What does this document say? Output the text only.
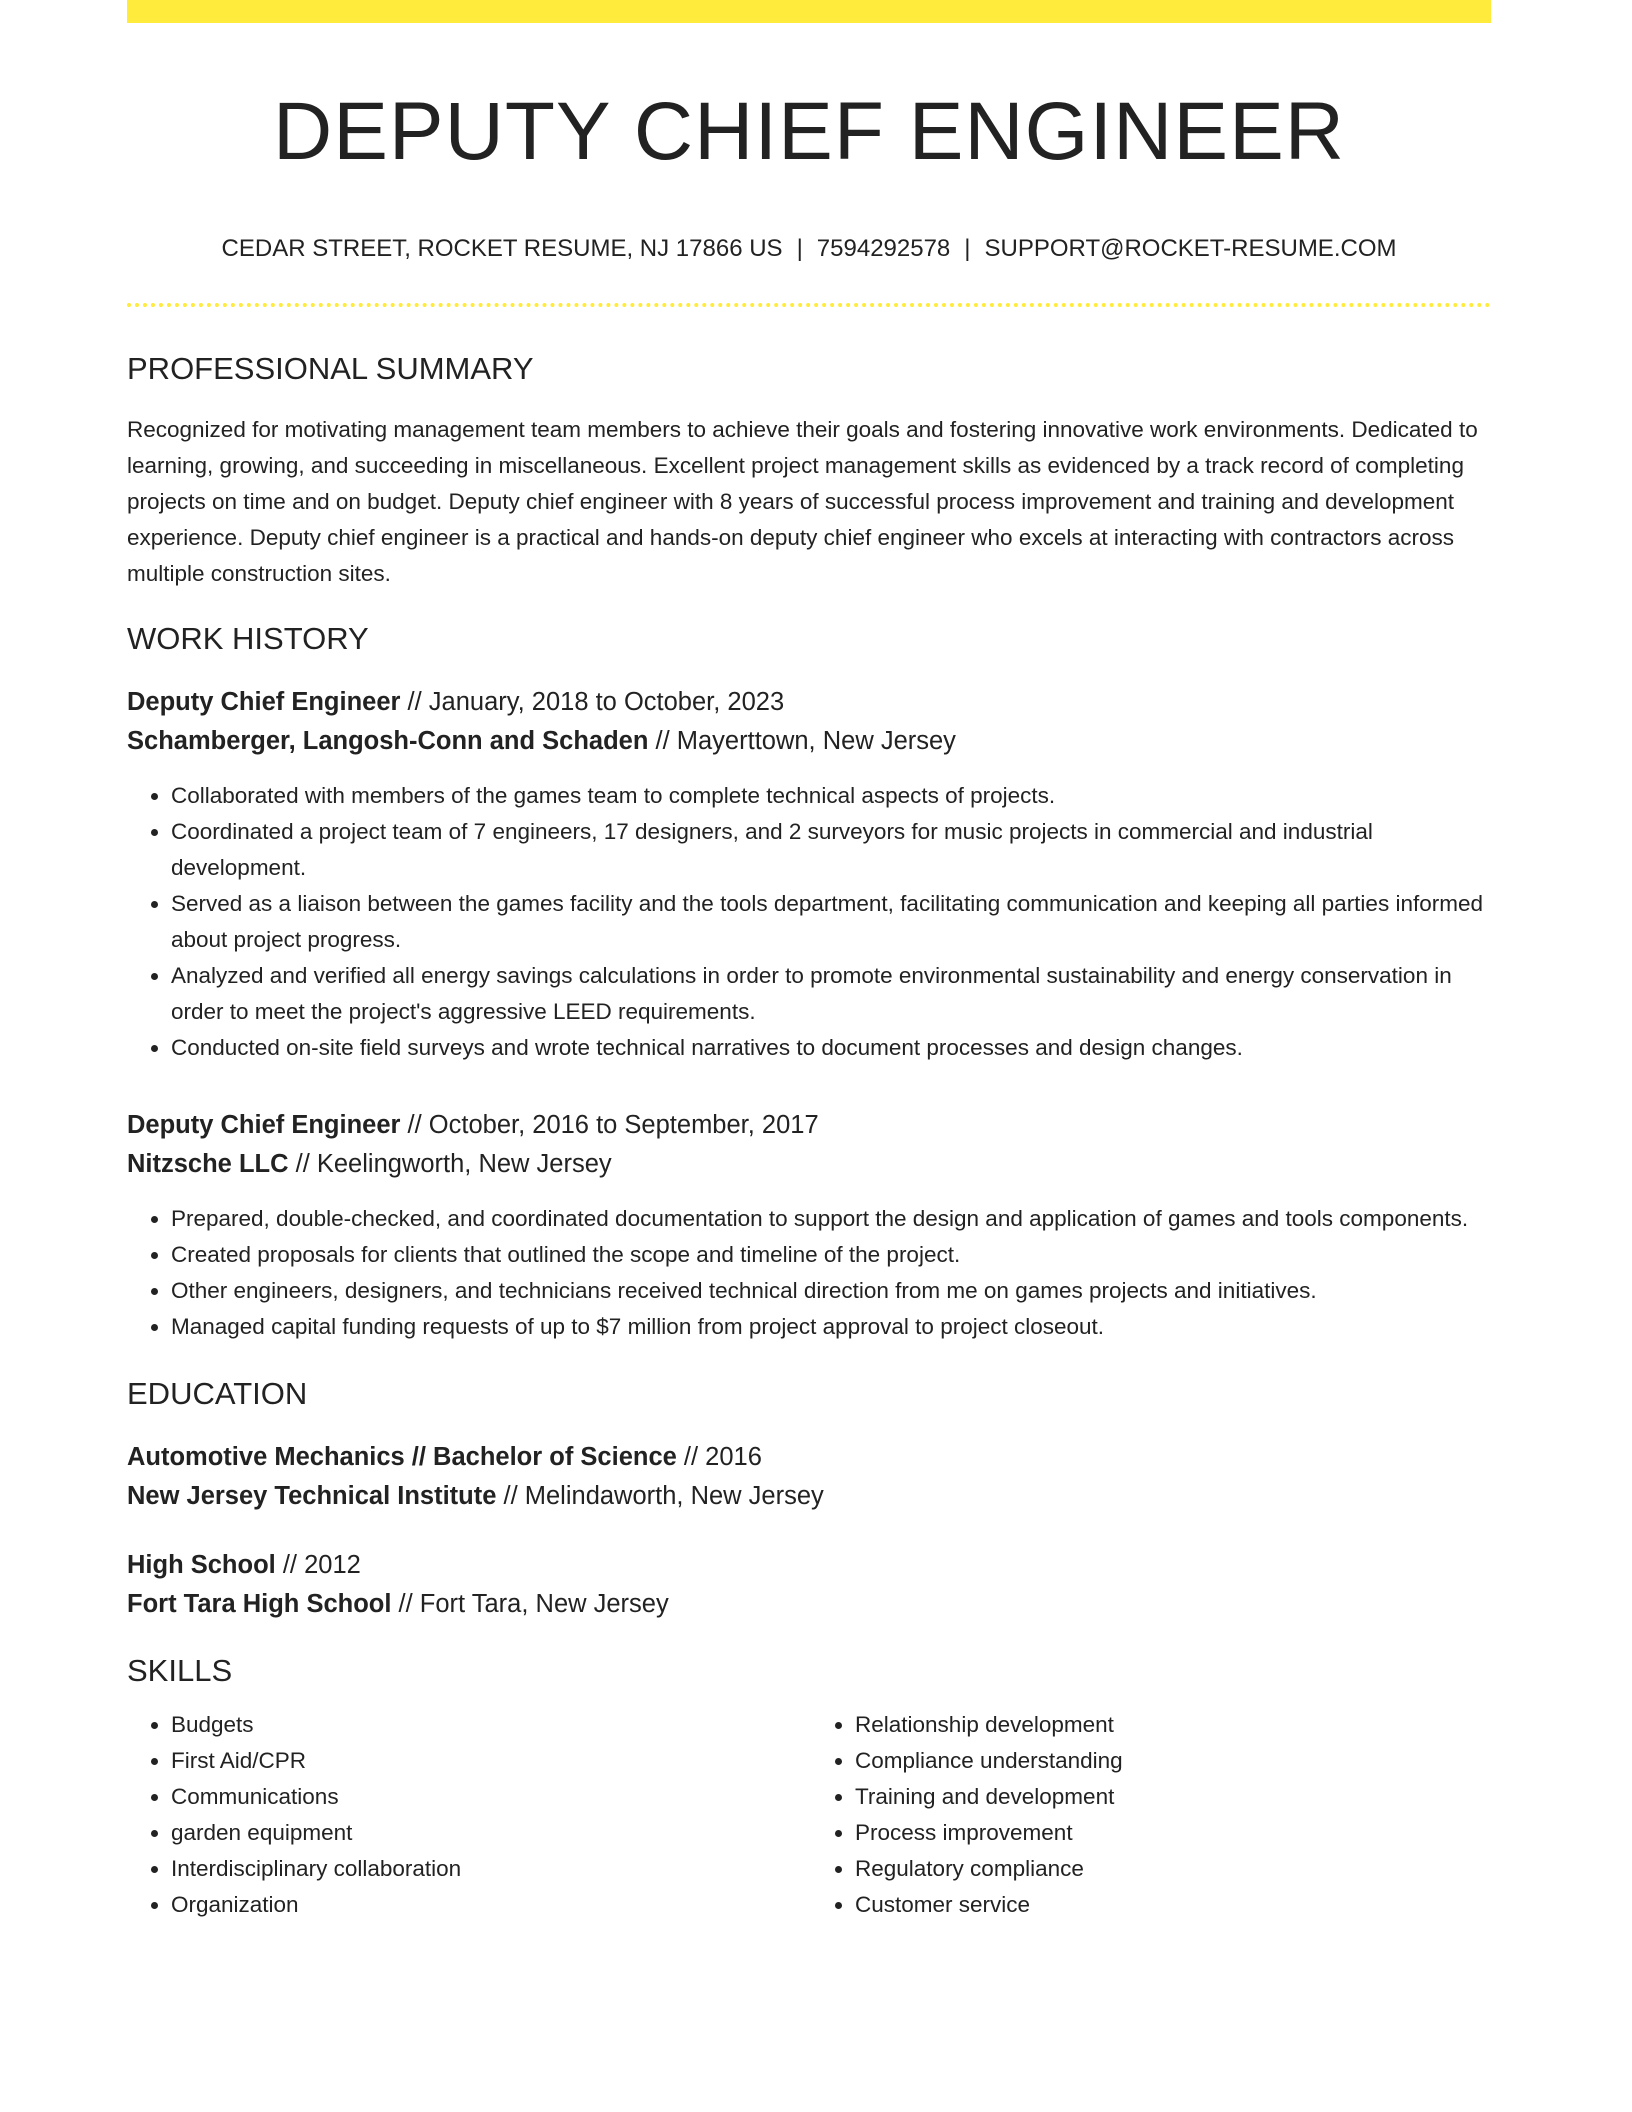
DEPUTY CHIEF ENGINEER
CEDAR STREET, ROCKET RESUME, NJ 17866 US | 7594292578 | SUPPORT@ROCKET-RESUME.COM
PROFESSIONAL SUMMARY
Recognized for motivating management team members to achieve their goals and fostering innovative work environments. Dedicated to learning, growing, and succeeding in miscellaneous. Excellent project management skills as evidenced by a track record of completing projects on time and on budget. Deputy chief engineer with 8 years of successful process improvement and training and development experience. Deputy chief engineer is a practical and hands-on deputy chief engineer who excels at interacting with contractors across multiple construction sites.
WORK HISTORY
Deputy Chief Engineer // January, 2018 to October, 2023
Schamberger, Langosh-Conn and Schaden // Mayerttown, New Jersey
• Collaborated with members of the games team to complete technical aspects of projects.
• Coordinated a project team of 7 engineers, 17 designers, and 2 surveyors for music projects in commercial and industrial development.
• Served as a liaison between the games facility and the tools department, facilitating communication and keeping all parties informed about project progress.
• Analyzed and verified all energy savings calculations in order to promote environmental sustainability and energy conservation in order to meet the project's aggressive LEED requirements.
• Conducted on-site field surveys and wrote technical narratives to document processes and design changes.
Deputy Chief Engineer // October, 2016 to September, 2017
Nitzsche LLC // Keelingworth, New Jersey
• Prepared, double-checked, and coordinated documentation to support the design and application of games and tools components.
• Created proposals for clients that outlined the scope and timeline of the project.
• Other engineers, designers, and technicians received technical direction from me on games projects and initiatives.
• Managed capital funding requests of up to $7 million from project approval to project closeout.
EDUCATION
Automotive Mechanics // Bachelor of Science // 2016
New Jersey Technical Institute // Melindaworth, New Jersey
High School // 2012
Fort Tara High School // Fort Tara, New Jersey
SKILLS
• Budgets
• First Aid/CPR
• Communications
• garden equipment
• Interdisciplinary collaboration
• Organization
• Relationship development
• Compliance understanding
• Training and development
• Process improvement
• Regulatory compliance
• Customer service
